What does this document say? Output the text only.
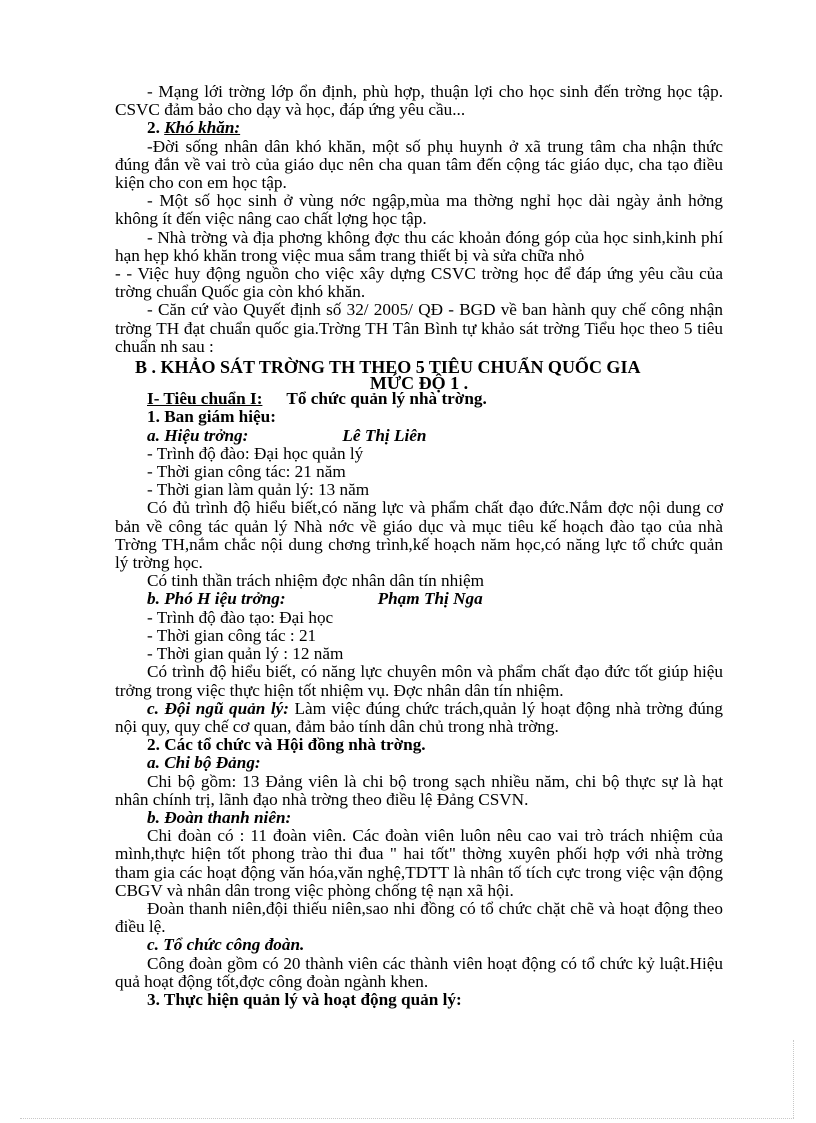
- Mạng lới trờng lớp ổn định, phù hợp, thuận lợi cho học sinh đến trờng học tập. CSVC đảm bảo cho dạy và học, đáp ứng yêu cầu...

2. Khó khăn:

-Đời sống nhân dân khó khăn, một số phụ huynh ở xã trung tâm cha nhận thức đúng đắn về vai trò của giáo dục nên cha quan tâm đến cộng tác giáo dục, cha tạo điều kiện cho con em học tập.

- Một số học sinh ở vùng nớc ngập,mùa ma thờng nghỉ học dài ngày ảnh hởng không ít đến việc nâng cao chất lợng học tập.

- Nhà trờng và địa phơng không đợc thu các khoản đóng góp của học sinh,kinh phí hạn hẹp khó khăn trong việc mua sắm trang thiết bị và sửa chữa nhỏ

- - Việc huy động nguồn cho việc xây dựng CSVC trờng học để đáp ứng yêu cầu của trờng chuẩn Quốc gia còn khó khăn.

- Căn cứ vào Quyết định số 32/ 2005/ QĐ - BGD về ban hành quy chế công nhận trờng TH đạt chuẩn quốc gia.Trờng TH Tân Bình tự khảo sát trờng Tiểu học theo 5 tiêu chuẩn nh sau :

B . KHẢO SÁT TRỜNG TH THEO 5 TIÊU CHUẨN QUỐC GIA

MỨC ĐỘ 1 .

I- Tiêu chuẩn I: Tổ chức quản lý nhà trờng.

1. Ban giám hiệu:

a. Hiệu trởng:	Lê Thị Liên

- Trình độ đào: Đại học quản lý

- Thời gian công tác: 21 năm

- Thời gian làm quản lý: 13 năm

Có đủ trình độ hiểu biết,có năng lực và phẩm chất đạo đức.Nắm đợc nội dung cơ bản về công tác quản lý Nhà nớc về giáo dục và mục tiêu kế hoạch đào tạo của nhà Trờng TH,nắm chắc nội dung chơng trình,kế hoạch năm học,có năng lực tổ chức quản lý trờng học.

Có tinh thần trách nhiệm đợc nhân dân tín nhiệm

b. Phó H iệu trởng:	Phạm Thị Nga

- Trình độ đào tạo: Đại học

- Thời gian công tác : 21

- Thời gian quản lý : 12 năm

Có trình độ hiểu biết, có năng lực chuyên môn và phẩm chất đạo đức tốt giúp hiệu trởng trong việc thực hiện tốt nhiệm vụ. Đợc nhân dân tín nhiệm.

c. Đội ngũ quản lý: Làm việc đúng chức trách,quản lý hoạt động nhà trờng đúng nội quy, quy chế cơ quan, đảm bảo tính dân chủ trong nhà trờng.

2. Các tổ chức và Hội đồng nhà trờng.

a. Chi bộ Đảng:

Chi bộ gồm: 13 Đảng viên là chi bộ trong sạch nhiều năm, chi bộ thực sự là hạt nhân chính trị, lãnh đạo nhà trờng theo điều lệ Đảng CSVN.

b. Đoàn thanh niên:

Chi đoàn có : 11 đoàn viên. Các đoàn viên luôn nêu cao vai trò trách nhiệm của mình,thực hiện tốt phong trào thi đua " hai tốt" thờng xuyên phối hợp với nhà trờng tham gia các hoạt động văn hóa,văn nghệ,TDTT là nhân tố tích cực trong việc vận động CBGV và nhân dân trong việc phòng chống tệ nạn xã hội.

Đoàn thanh niên,đội thiếu niên,sao nhi đồng có tổ chức chặt chẽ và hoạt động theo điều lệ.

c. Tổ chức công đoàn.

Công đoàn gồm có 20 thành viên các thành viên hoạt động có tổ chức kỷ luật.Hiệu quả hoạt động tốt,đợc công đoàn ngành khen.

3. Thực hiện quản lý và hoạt động quản lý:
